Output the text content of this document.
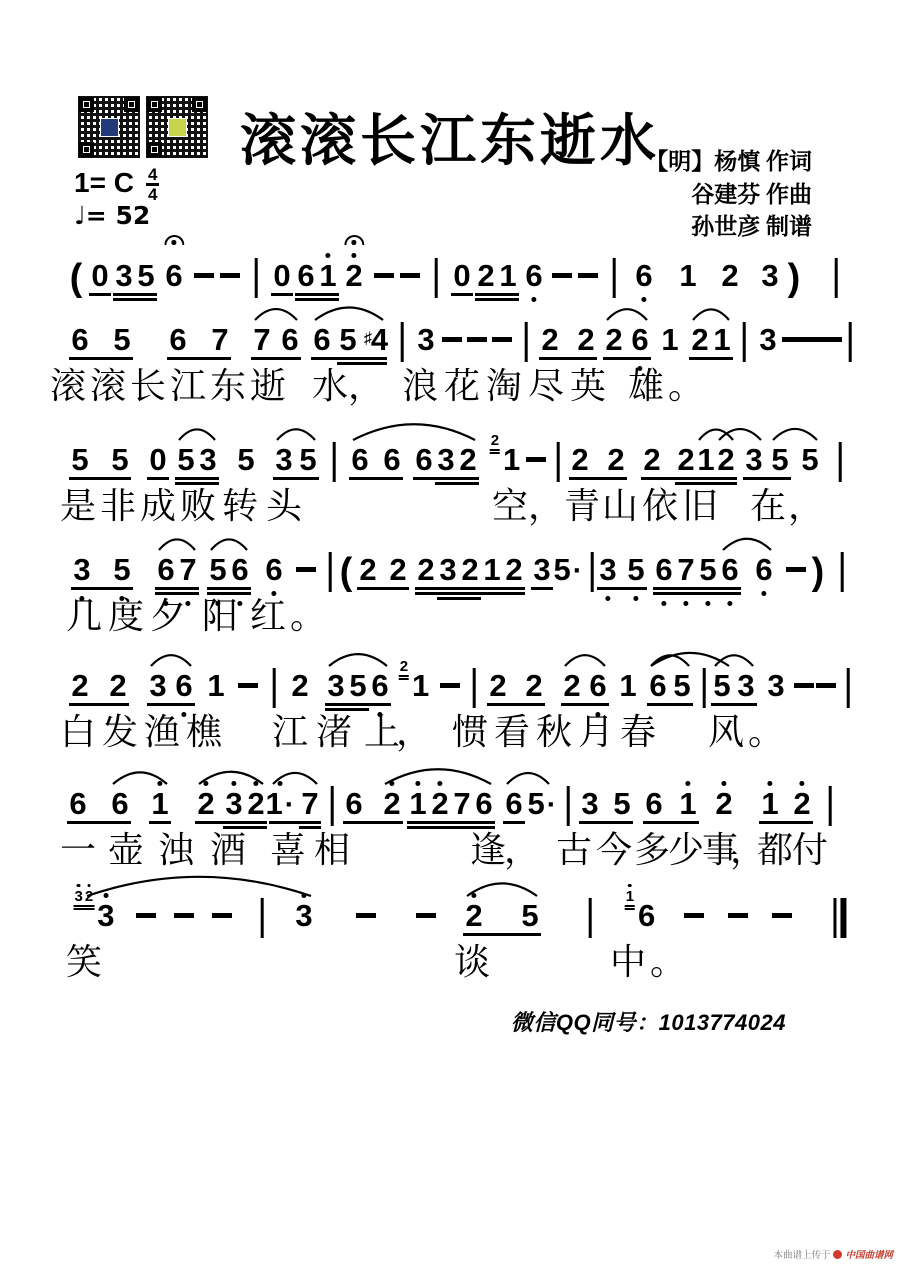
滚滚长江东逝水
【明】杨慎 作词
谷建芬 作曲
孙世彦 制谱
1= C $\frac{4}{4}$
♩= 52
( 0 3 5 6	0 6 1 2	0 2 1 6	6 1 2 3 )
6 5 6 7 7 6 6 5 ♯4 3	2 2 2 6 1 2 1 3
5 5 0 5 3 5 3 5 6 6 6 3 2
2
1 2 2 2 2 1 2 3 5 5
3 5 6 7 5 6 6 ( 2 2 2 3 2 1 2 3 5· 3 5 6 7 5 6 6 )
2 2 3 6 1 2 3 5 6
2
1 2 2 2 6 1 6 5 5 3 3
6 6 1 2 3 2 1· 7 6 2 1 2 7 6 6 5· 3 5 6 1 2 1 2
3 2
3	3	2 5
1
6
滚 滚 长 江 东 逝 水 ， 浪 花 淘 尽 英 雄 。
是 非 成 败 转 头	空 ， 青 山 依 旧 在 ，
几 度 夕 阳 红 。
白 发 渔 樵 江 渚 上
， 惯 看 秋 月 春 风 。
一 壶 浊 酒 喜 相	逢
， 古 今 多
少
事
，
都
付
笑	谈	中 。
微信QQ同号：1013774024
本曲谱上传于 中国曲谱网
